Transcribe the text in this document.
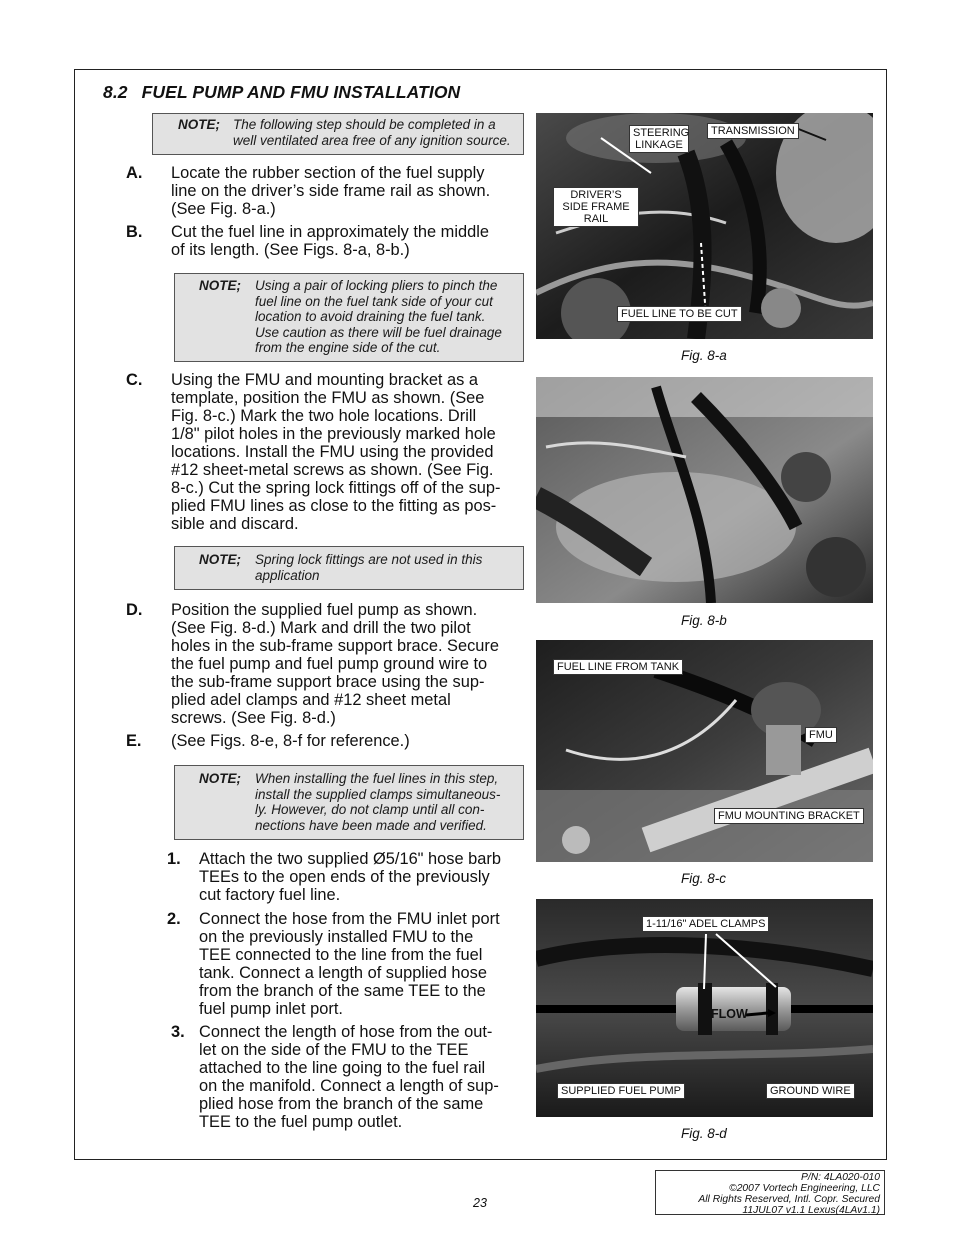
8.2 FUEL PUMP AND FMU INSTALLATION
NOTE; The following step should be completed in a
well ventilated area free of any ignition source.
A. Locate the rubber section of the fuel supply
line on the driver’s side frame rail as shown.
(See Fig. 8-a.)
B. Cut the fuel line in approximately the middle
of its length. (See Figs. 8-a, 8-b.)
NOTE; Using a pair of locking pliers to pinch the
fuel line on the fuel tank side of your cut
location to avoid draining the fuel tank.
Use caution as there will be fuel drainage
from the engine side of the cut.
C. Using the FMU and mounting bracket as a
template, position the FMU as shown. (See
Fig. 8-c.) Mark the two hole locations. Drill
1/8" pilot holes in the previously marked hole
locations. Install the FMU using the provided
#12 sheet-metal screws as shown. (See Fig.
8-c.) Cut the spring lock fittings off of the sup-
plied FMU lines as close to the fitting as pos-
sible and discard.
NOTE; Spring lock fittings are not used in this
application
D. Position the supplied fuel pump as shown.
(See Fig. 8-d.) Mark and drill the two pilot
holes in the sub-frame support brace. Secure
the fuel pump and fuel pump ground wire to
the sub-frame support brace using the sup-
plied adel clamps and #12 sheet metal
screws. (See Fig. 8-d.)
E. (See Figs. 8-e, 8-f for reference.)
NOTE; When installing the fuel lines in this step,
install the supplied clamps simultaneous-
ly. However, do not clamp until all con-
nections have been made and verified.
1. Attach the two supplied Ø5/16" hose barb
TEEs to the open ends of the previously
cut factory fuel line.
2. Connect the hose from the FMU inlet port
on the previously installed FMU to the
TEE connected to the line from the fuel
tank. Connect a length of supplied hose
from the branch of the same TEE to the
fuel pump inlet port.
3. Connect the length of hose from the out-
let on the side of the FMU to the TEE
attached to the line going to the fuel rail
on the manifold. Connect a length of sup-
plied hose from the branch of the same
TEE to the fuel pump outlet.
STEERING LINKAGE
TRANSMISSION
DRIVER’S SIDE FRAME RAIL
FUEL LINE TO BE CUT
Fig. 8-a
Fig. 8-b
FUEL LINE FROM TANK
FMU
FMU MOUNTING BRACKET
Fig. 8-c
1-11/16" ADEL CLAMPS
FLOW
SUPPLIED FUEL PUMP	GROUND WIRE
Fig. 8-d
23
P/N: 4LA020-010
©2007 Vortech Engineering, LLC
All Rights Reserved, Intl. Copr. Secured
11JUL07 v1.1 Lexus(4LAv1.1)
